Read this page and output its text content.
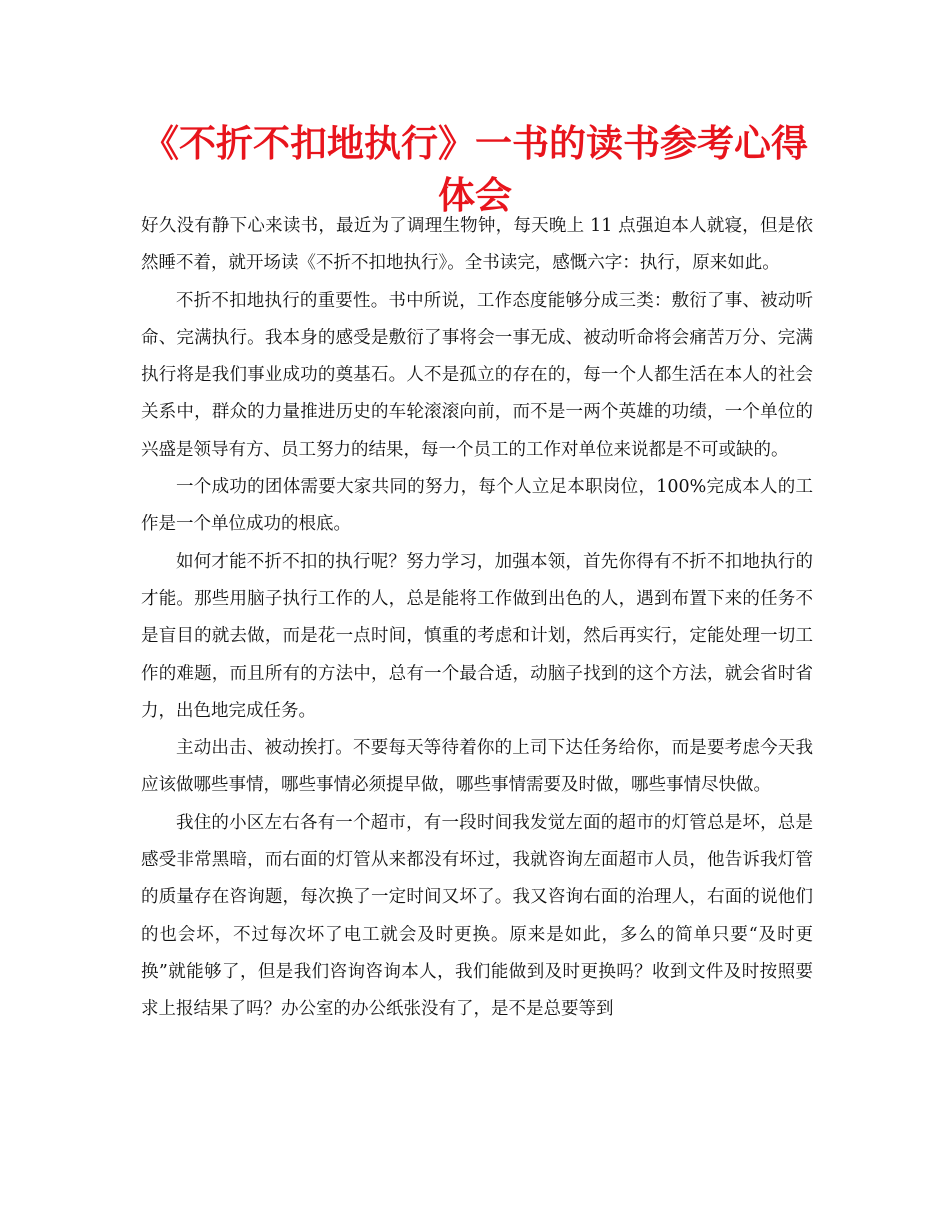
《不折不扣地执行》一书的读书参考心得
体会

好久没有静下心来读书，最近为了调理生物钟，每天晚上 11 点强迫本人就寝，但是依然睡不着，就开场读《不折不扣地执行》。全书读完，感慨六字：执行，原来如此。

不折不扣地执行的重要性。书中所说，工作态度能够分成三类：敷衍了事、被动听命、完满执行。我本身的感受是敷衍了事将会一事无成、被动听命将会痛苦万分、完满执行将是我们事业成功的奠基石。人不是孤立的存在的，每一个人都生活在本人的社会关系中，群众的力量推进历史的车轮滚滚向前，而不是一两个英雄的功绩，一个单位的兴盛是领导有方、员工努力的结果，每一个员工的工作对单位来说都是不可或缺的。

一个成功的团体需要大家共同的努力，每个人立足本职岗位，100%完成本人的工作是一个单位成功的根底。

如何才能不折不扣的执行呢？努力学习，加强本领，首先你得有不折不扣地执行的才能。那些用脑子执行工作的人，总是能将工作做到出色的人，遇到布置下来的任务不是盲目的就去做，而是花一点时间，慎重的考虑和计划，然后再实行，定能处理一切工作的难题，而且所有的方法中，总有一个最合适，动脑子找到的这个方法，就会省时省力，出色地完成任务。

主动出击、被动挨打。不要每天等待着你的上司下达任务给你，而是要考虑今天我应该做哪些事情，哪些事情必须提早做，哪些事情需要及时做，哪些事情尽快做。

我住的小区左右各有一个超市，有一段时间我发觉左面的超市的灯管总是坏，总是感受非常黑暗，而右面的灯管从来都没有坏过，我就咨询左面超市人员，他告诉我灯管的质量存在咨询题，每次换了一定时间又坏了。我又咨询右面的治理人，右面的说他们的也会坏，不过每次坏了电工就会及时更换。原来是如此，多么的简单只要“及时更换”就能够了，但是我们咨询咨询本人，我们能做到及时更换吗？收到文件及时按照要求上报结果了吗？办公室的办公纸张没有了，是不是总要等到
